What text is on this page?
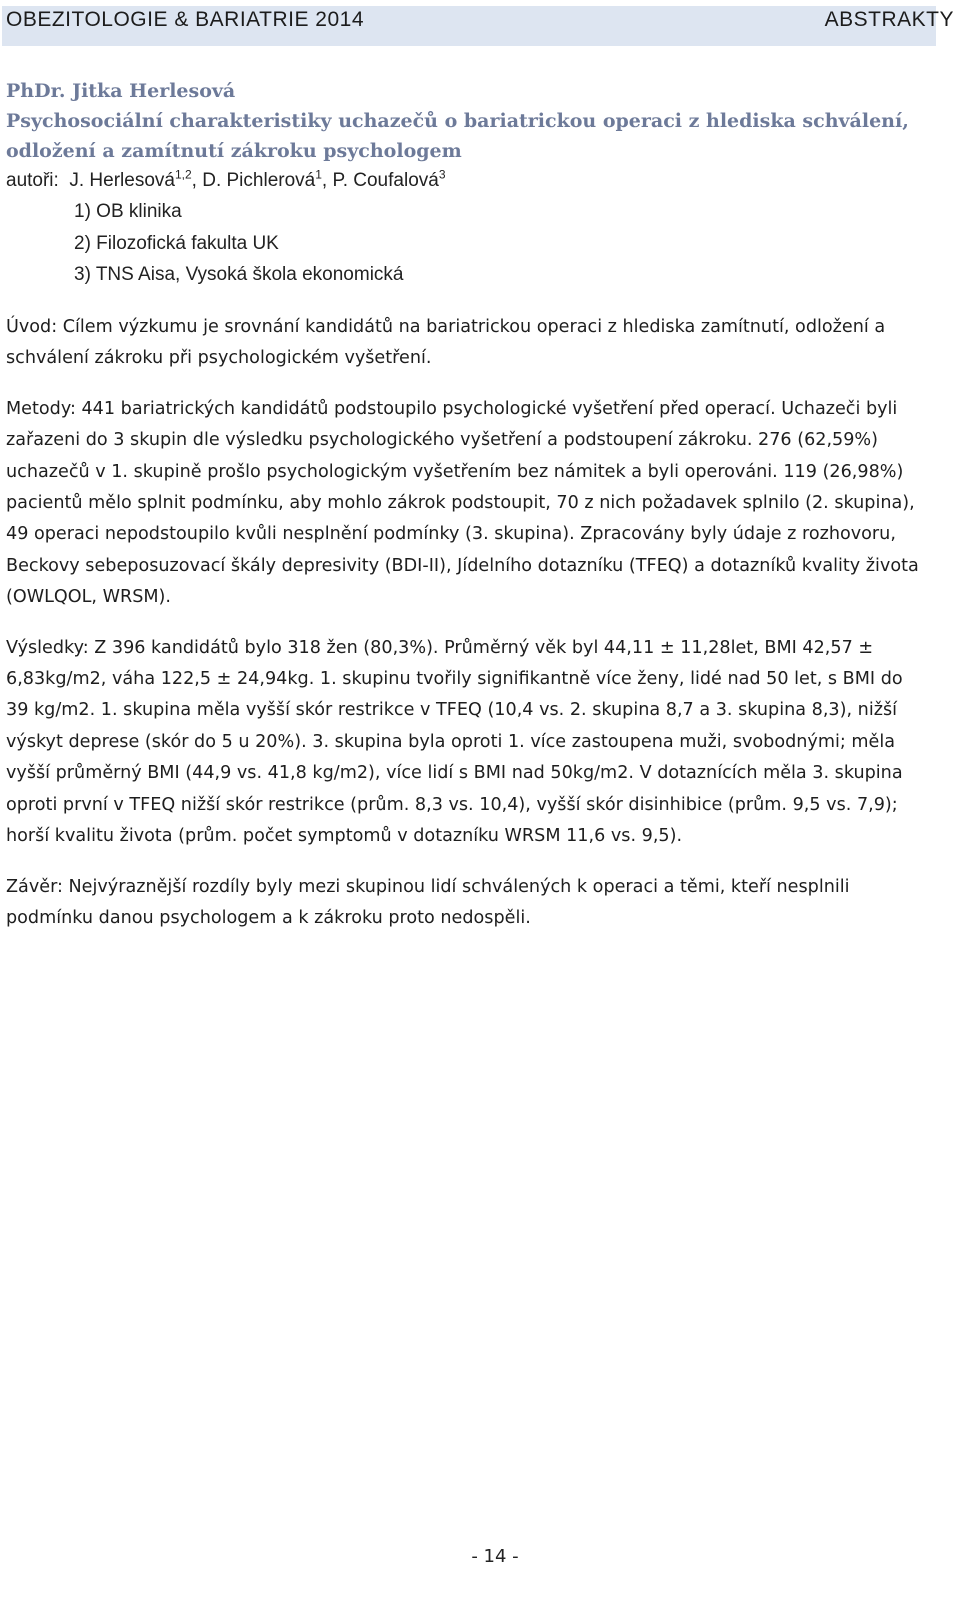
OBEZITOLOGIE & BARIATRIE 2014	ABSTRAKTY

PhDr. Jitka Herlesová

Psychosociální charakteristiky uchazečů o bariatrickou operaci z hlediska schválení,

odložení a zamítnutí zákroku psychologem

autoři: J. Herlesová$^{1,2}$, D. Pichlerová$^1$, P. Coufalová$^3$

1) OB klinika

2) Filozofická fakulta UK

3) TNS Aisa, Vysoká škola ekonomická

Úvod: Cílem výzkumu je srovnání kandidátů na bariatrickou operaci z hlediska zamítnutí, odložení a schválení zákroku při psychologickém vyšetření.

Metody: 441 bariatrických kandidátů podstoupilo psychologické vyšetření před operací. Uchazeči byli zařazeni do 3 skupin dle výsledku psychologického vyšetření a podstoupení zákroku. 276 (62,59%) uchazečů v 1. skupině prošlo psychologickým vyšetřením bez námitek a byli operováni. 119 (26,98%) pacientů mělo splnit podmínku, aby mohlo zákrok podstoupit, 70 z nich požadavek splnilo (2. skupina), 49 operaci nepodstoupilo kvůli nesplnění podmínky (3. skupina). Zpracovány byly údaje z rozhovoru, Beckovy sebeposuzovací škály depresivity (BDI-II), Jídelního dotazníku (TFEQ) a dotazníků kvality života (OWLQOL, WRSM).

Výsledky: Z 396 kandidátů bylo 318 žen (80,3%). Průměrný věk byl 44,11 ± 11,28let, BMI 42,57 ± 6,83kg/m2, váha 122,5 ± 24,94kg. 1. skupinu tvořily signifikantně více ženy, lidé nad 50 let, s BMI do 39 kg/m2. 1. skupina měla vyšší skór restrikce v TFEQ (10,4 vs. 2. skupina 8,7 a 3. skupina 8,3), nižší výskyt deprese (skór do 5 u 20%). 3. skupina byla oproti 1. více zastoupena muži, svobodnými; měla vyšší průměrný BMI (44,9 vs. 41,8 kg/m2), více lidí s BMI nad 50kg/m2. V dotaznících měla 3. skupina oproti první v TFEQ nižší skór restrikce (prům. 8,3 vs. 10,4), vyšší skór disinhibice (prům. 9,5 vs. 7,9); horší kvalitu života (prům. počet symptomů v dotazníku WRSM 11,6 vs. 9,5).

Závěr: Nejvýraznější rozdíly byly mezi skupinou lidí schválených k operaci a těmi, kteří nesplnili podmínku danou psychologem a k zákroku proto nedospěli.

- 14 -
